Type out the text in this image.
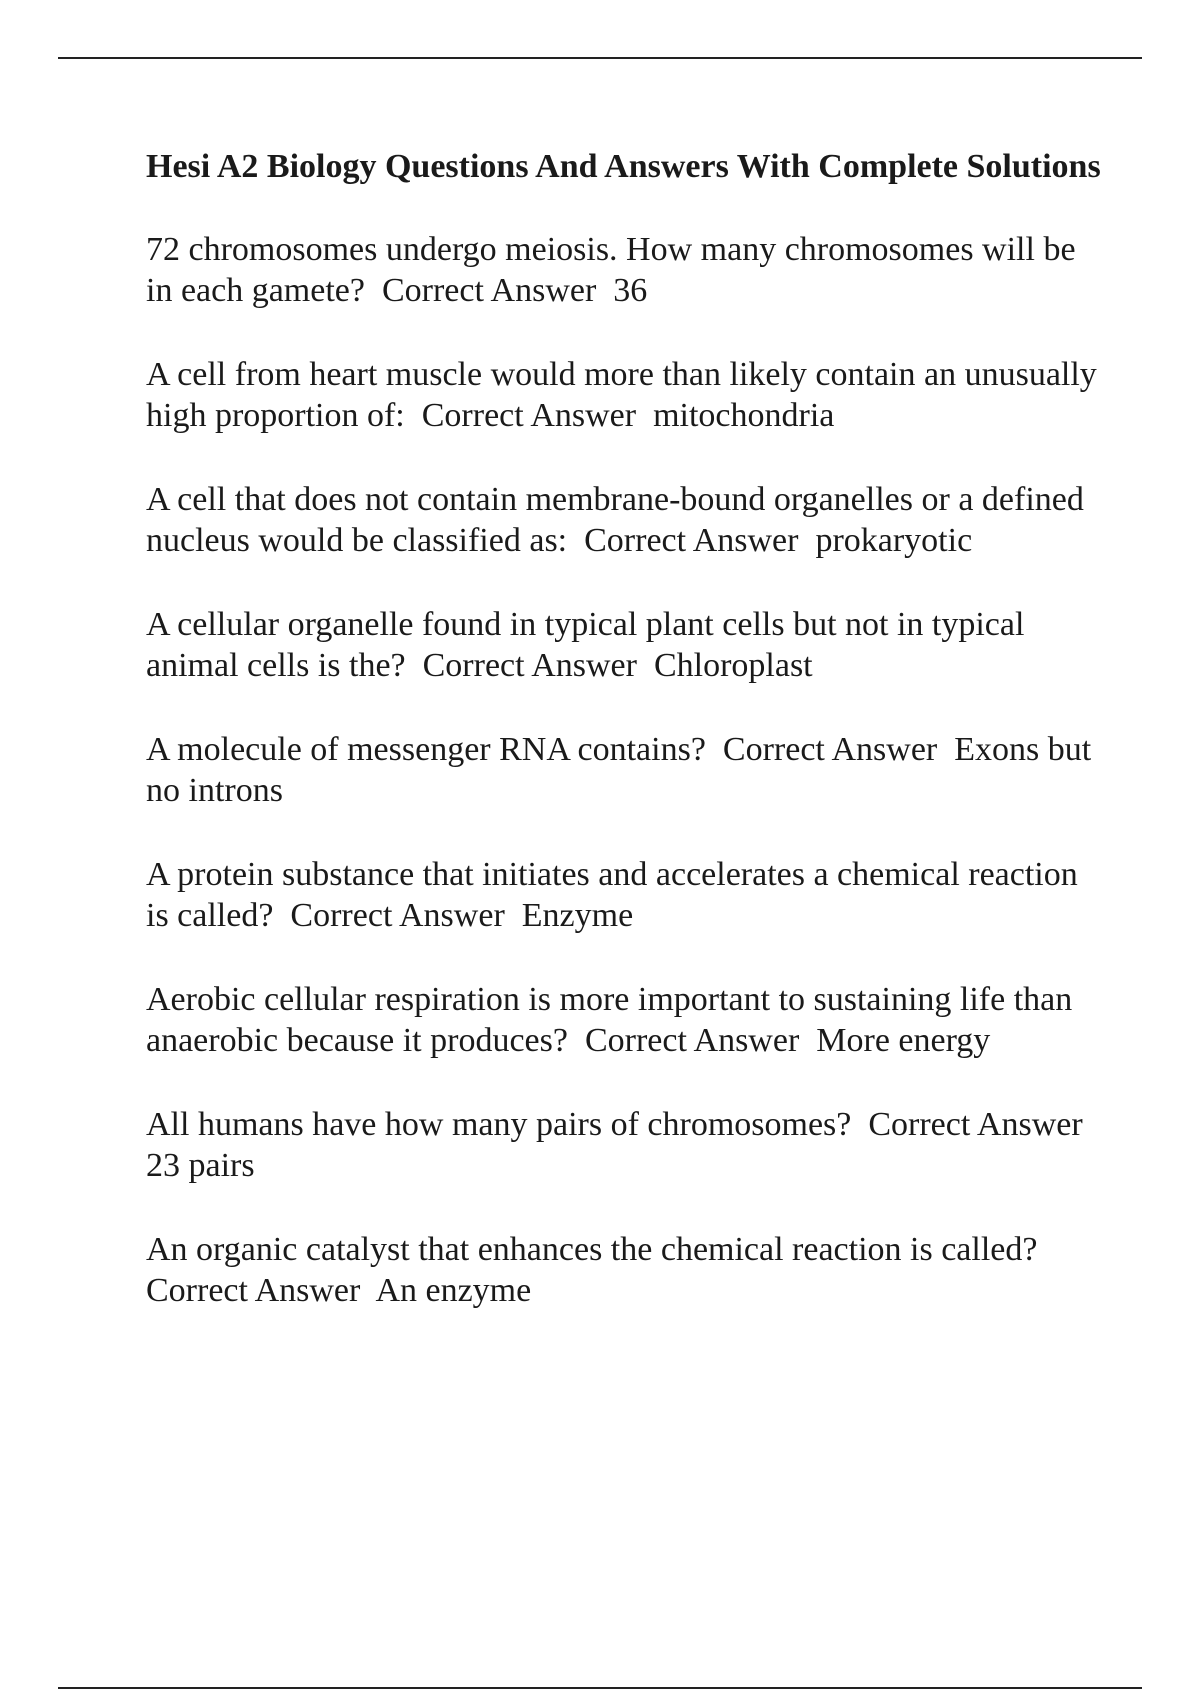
Hesi A2 Biology Questions And Answers With Complete Solutions

72 chromosomes undergo meiosis. How many chromosomes will be in each gamete?  Correct Answer  36

A cell from heart muscle would more than likely contain an unusually high proportion of:  Correct Answer  mitochondria

A cell that does not contain membrane-bound organelles or a defined nucleus would be classified as:  Correct Answer  prokaryotic

A cellular organelle found in typical plant cells but not in typical animal cells is the?  Correct Answer  Chloroplast

A molecule of messenger RNA contains?  Correct Answer  Exons but no introns

A protein substance that initiates and accelerates a chemical reaction is called?  Correct Answer  Enzyme

Aerobic cellular respiration is more important to sustaining life than anaerobic because it produces?  Correct Answer  More energy

All humans have how many pairs of chromosomes?  Correct Answer  23 pairs

An organic catalyst that enhances the chemical reaction is called?  Correct Answer  An enzyme
